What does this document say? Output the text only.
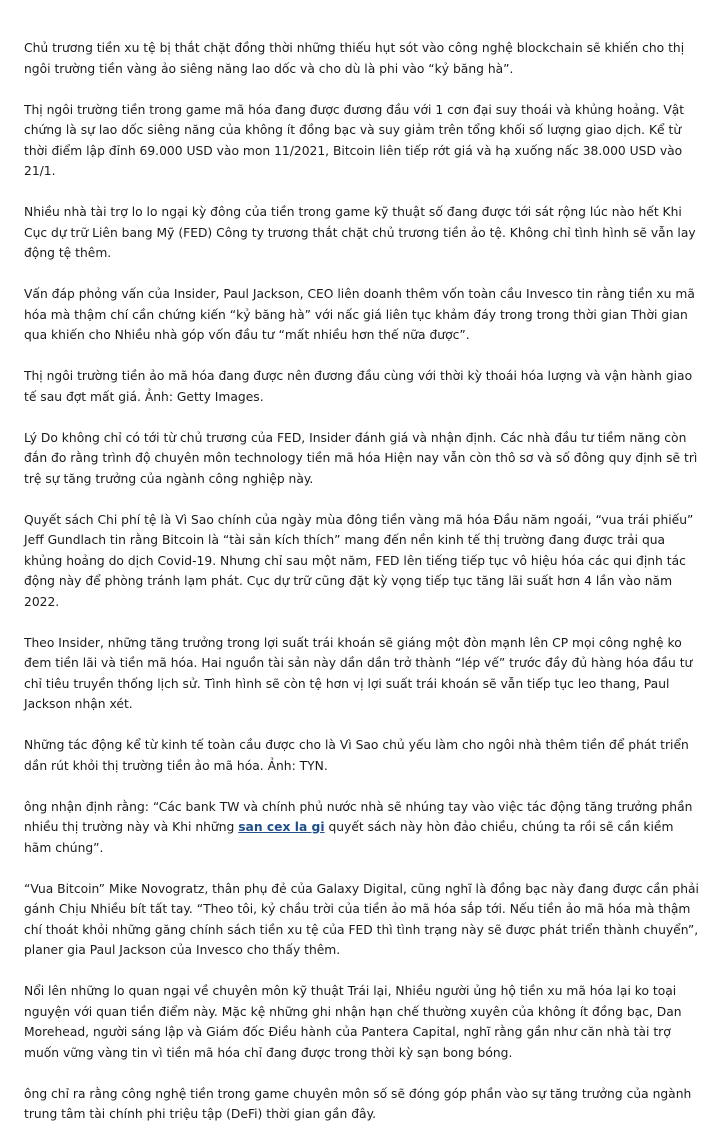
Chủ trương tiền xu tệ bị thắt chặt đồng thời những thiếu hụt sót vào công nghệ blockchain sẽ khiến cho thị ngôi trường tiền vàng ảo siêng năng lao dốc và cho dù là phi vào “kỷ băng hà”.

Thị ngôi trường tiền trong game mã hóa đang được đương đầu với 1 cơn đại suy thoái và khủng hoảng. Vật chứng là sự lao dốc siêng năng của không ít đồng bạc và suy giảm trên tổng khối số lượng giao dịch. Kể từ thời điểm lập đỉnh 69.000 USD vào mon 11/2021, Bitcoin liên tiếp rớt giá và hạ xuống nấc 38.000 USD vào 21/1.

Nhiều nhà tài trợ lo lo ngại kỳ đông của tiền trong game kỹ thuật số đang được tới sát rộng lúc nào hết Khi Cục dự trữ Liên bang Mỹ (FED) Công ty trương thắt chặt chủ trương tiền ảo tệ. Không chỉ tình hình sẽ vẫn lay động tệ thêm.

Vấn đáp phỏng vấn của Insider, Paul Jackson, CEO liên doanh thêm vốn toàn cầu Invesco tin rằng tiền xu mã hóa mà thậm chí cần chứng kiến “kỷ băng hà” với nấc giá liên tục khảm đáy trong trong thời gian Thời gian qua khiến cho Nhiều nhà góp vốn đầu tư “mất nhiều hơn thế nữa được”.

Thị ngôi trường tiền ảo mã hóa đang được nên đương đầu cùng với thời kỳ thoái hóa lượng và vận hành giao tế sau đợt mất giá. Ảnh: Getty Images.

Lý Do không chỉ có tới từ chủ trương của FED, Insider đánh giá và nhận định. Các nhà đầu tư tiềm năng còn đắn đo rằng trình độ chuyên môn technology tiền mã hóa Hiện nay vẫn còn thô sơ và số đông quy định sẽ trì trệ sự tăng trưởng của ngành công nghiệp này.

Quyết sách Chi phí tệ là Vì Sao chính của ngày mùa đông tiền vàng mã hóa Đầu năm ngoái, “vua trái phiếu” Jeff Gundlach tin rằng Bitcoin là “tài sản kích thích” mang đến nền kinh tế thị trường đang được trải qua khủng hoảng do dịch Covid-19. Nhưng chỉ sau một năm, FED lên tiếng tiếp tục vô hiệu hóa các qui định tác động này để phòng tránh lạm phát. Cục dự trữ cũng đặt kỳ vọng tiếp tục tăng lãi suất hơn 4 lần vào năm 2022.

Theo Insider, những tăng trưởng trong lợi suất trái khoán sẽ giáng một đòn mạnh lên CP mọi công nghệ ko đem tiền lãi và tiền mã hóa. Hai nguồn tài sản này dần dần trở thành “lép vế” trước đầy đủ hàng hóa đầu tư chỉ tiêu truyền thống lịch sử. Tình hình sẽ còn tệ hơn vị lợi suất trái khoán sẽ vẫn tiếp tục leo thang, Paul Jackson nhận xét.

Những tác động kể từ kinh tế toàn cầu được cho là Vì Sao chủ yếu làm cho ngôi nhà thêm tiền để phát triển dần rút khỏi thị trường tiền ảo mã hóa. Ảnh: TYN.

ông nhận định rằng: “Các bank TW và chính phủ nước nhà sẽ nhúng tay vào việc tác động tăng trưởng phần nhiều thị trường này và Khi những san cex la gi quyết sách này hòn đảo chiều, chúng ta rồi sẽ cần kiềm hãm chúng”.

“Vua Bitcoin” Mike Novogratz, thân phụ đẻ của Galaxy Digital, cũng nghĩ là đồng bạc này đang được cần phải gánh Chịu Nhiều bít tất tay. “Theo tôi, kỷ chầu trời của tiền ảo mã hóa sắp tới. Nếu tiền ảo mã hóa mà thậm chí thoát khỏi những găng chính sách tiền xu tệ của FED thì tình trạng này sẽ được phát triển thành chuyển”, planer gia Paul Jackson của Invesco cho thấy thêm.

Nổi lên những lo quan ngại về chuyên môn kỹ thuật Trái lại, Nhiều người ủng hộ tiền xu mã hóa lại ko toại nguyện với quan tiền điểm này. Mặc kệ những ghi nhận hạn chế thường xuyên của không ít đồng bạc, Dan Morehead, người sáng lập và Giám đốc Điều hành của Pantera Capital, nghĩ rằng gần như căn nhà tài trợ muốn vững vàng tin vì tiền mã hóa chỉ đang được trong thời kỳ sạn bong bóng.

ông chỉ ra rằng công nghệ tiền trong game chuyên môn số sẽ đóng góp phần vào sự tăng trưởng của ngành trung tâm tài chính phi triệu tập (DeFi) thời gian gần đây.
